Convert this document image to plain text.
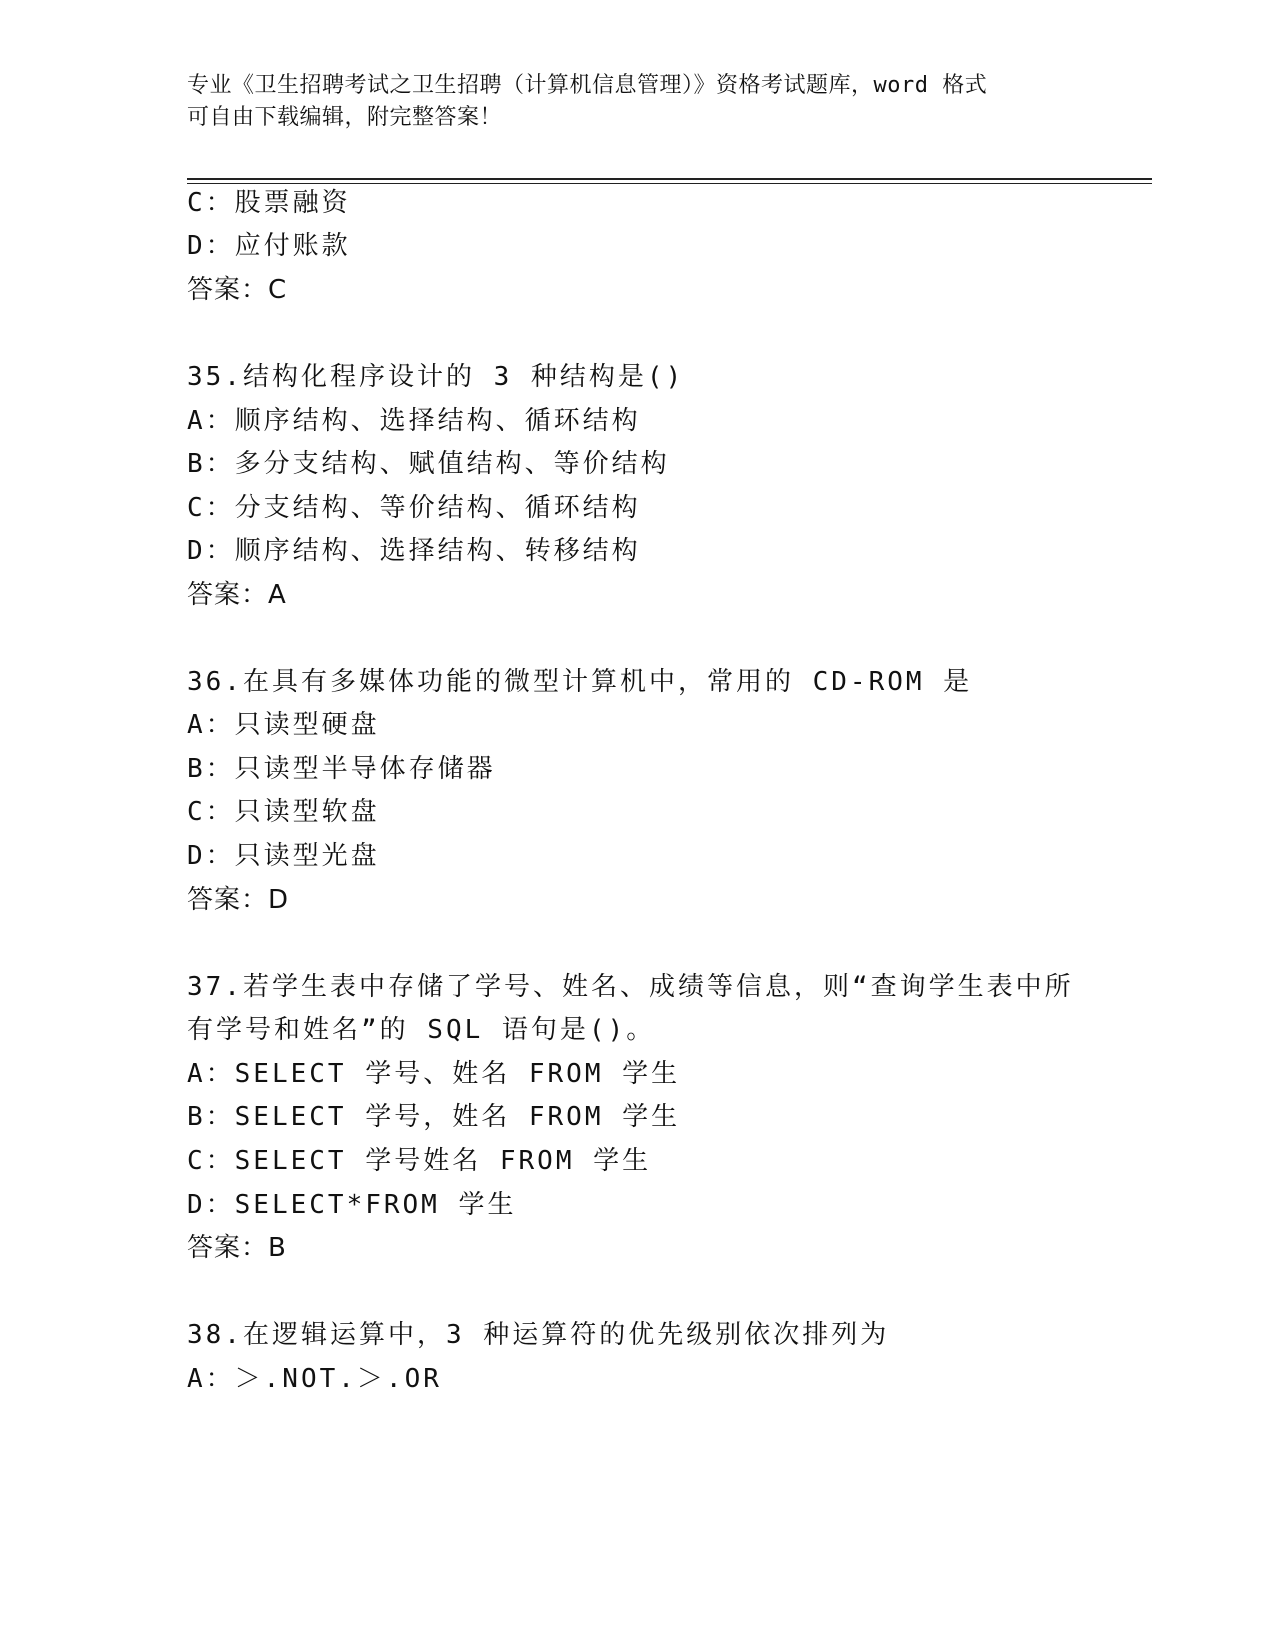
专业《卫生招聘考试之卫生招聘（计算机信息管理）》资格考试题库，word 格式
可自由下载编辑，附完整答案！
C：股票融资
D：应付账款
答案：C
35.结构化程序设计的 3 种结构是()
A：顺序结构、选择结构、循环结构
B：多分支结构、赋值结构、等价结构
C：分支结构、等价结构、循环结构
D：顺序结构、选择结构、转移结构
答案：A
36.在具有多媒体功能的微型计算机中，常用的 CD-ROM 是
A：只读型硬盘
B：只读型半导体存储器
C：只读型软盘
D：只读型光盘
答案：D
37.若学生表中存储了学号、姓名、成绩等信息，则“查询学生表中所
有学号和姓名”的 SQL 语句是()。
A：SELECT 学号、姓名 FROM 学生
B：SELECT 学号，姓名 FROM 学生
C：SELECT 学号姓名 FROM 学生
D：SELECT*FROM 学生
答案：B
38.在逻辑运算中，3 种运算符的优先级别依次排列为
A：＞.NOT.＞.OR
